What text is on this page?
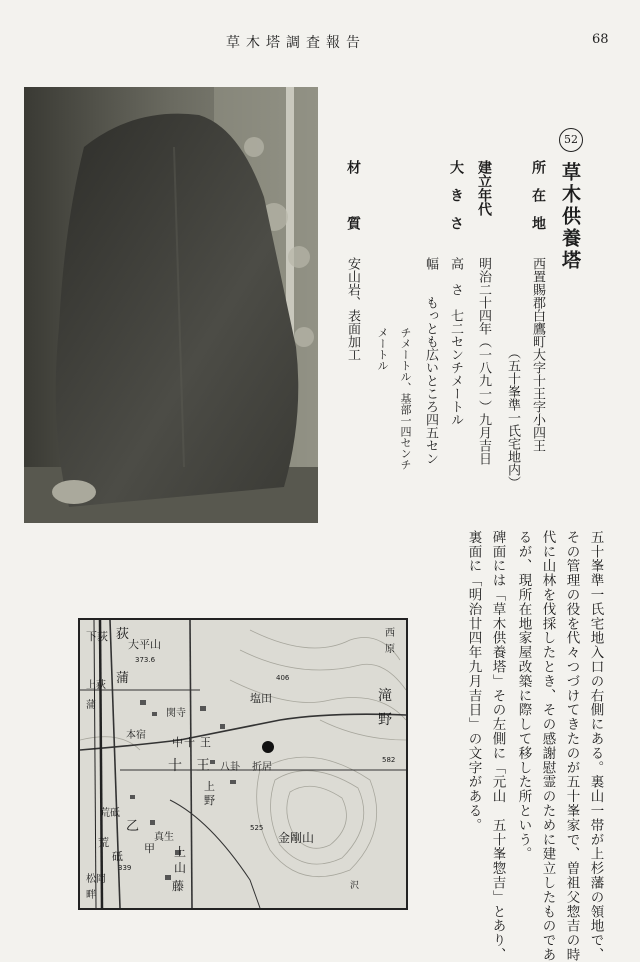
草木塔調査報告	68
52
草木供養塔
所　在　地
西置賜郡白鷹町大字十王字小四王
（五十峯準一氏宅地内）
建立年代
明治二十四年（一八九一）九月吉日
大　き　さ
高　さ　七二センチメートル
幅　　もっとも広いところ四五セン
チメートル、基部一四センチ
メートル
材　　　質
安山岩、表面加工
五十峯準一氏宅地入口の右側にある。裏山一帯が上杉藩の領地で、
その管理の役を代々つづけてきたのが五十峯家で、曽祖父惣吉の時
代に山林を伐採したとき、その感謝慰霊のために建立したものであ
るが、現所在地家屋改築に際して移した所という。
碑面には「草木供養塔」その左側に「元山　五十峯惣吉」とあり、
裏面に「明治廿四年九月吉日」の文字がある。
下荻
大平山
373.6
荻
蒲
上荻
蒲
原
西
滝
野
本宿
関寺
塩田
中 十 王
十 王 八卦 折居
上
野
荒砥
乙
荒
砥
甲
真生	金剛山
松岡
畔
藤
上
山
沢
406
582
525
339
